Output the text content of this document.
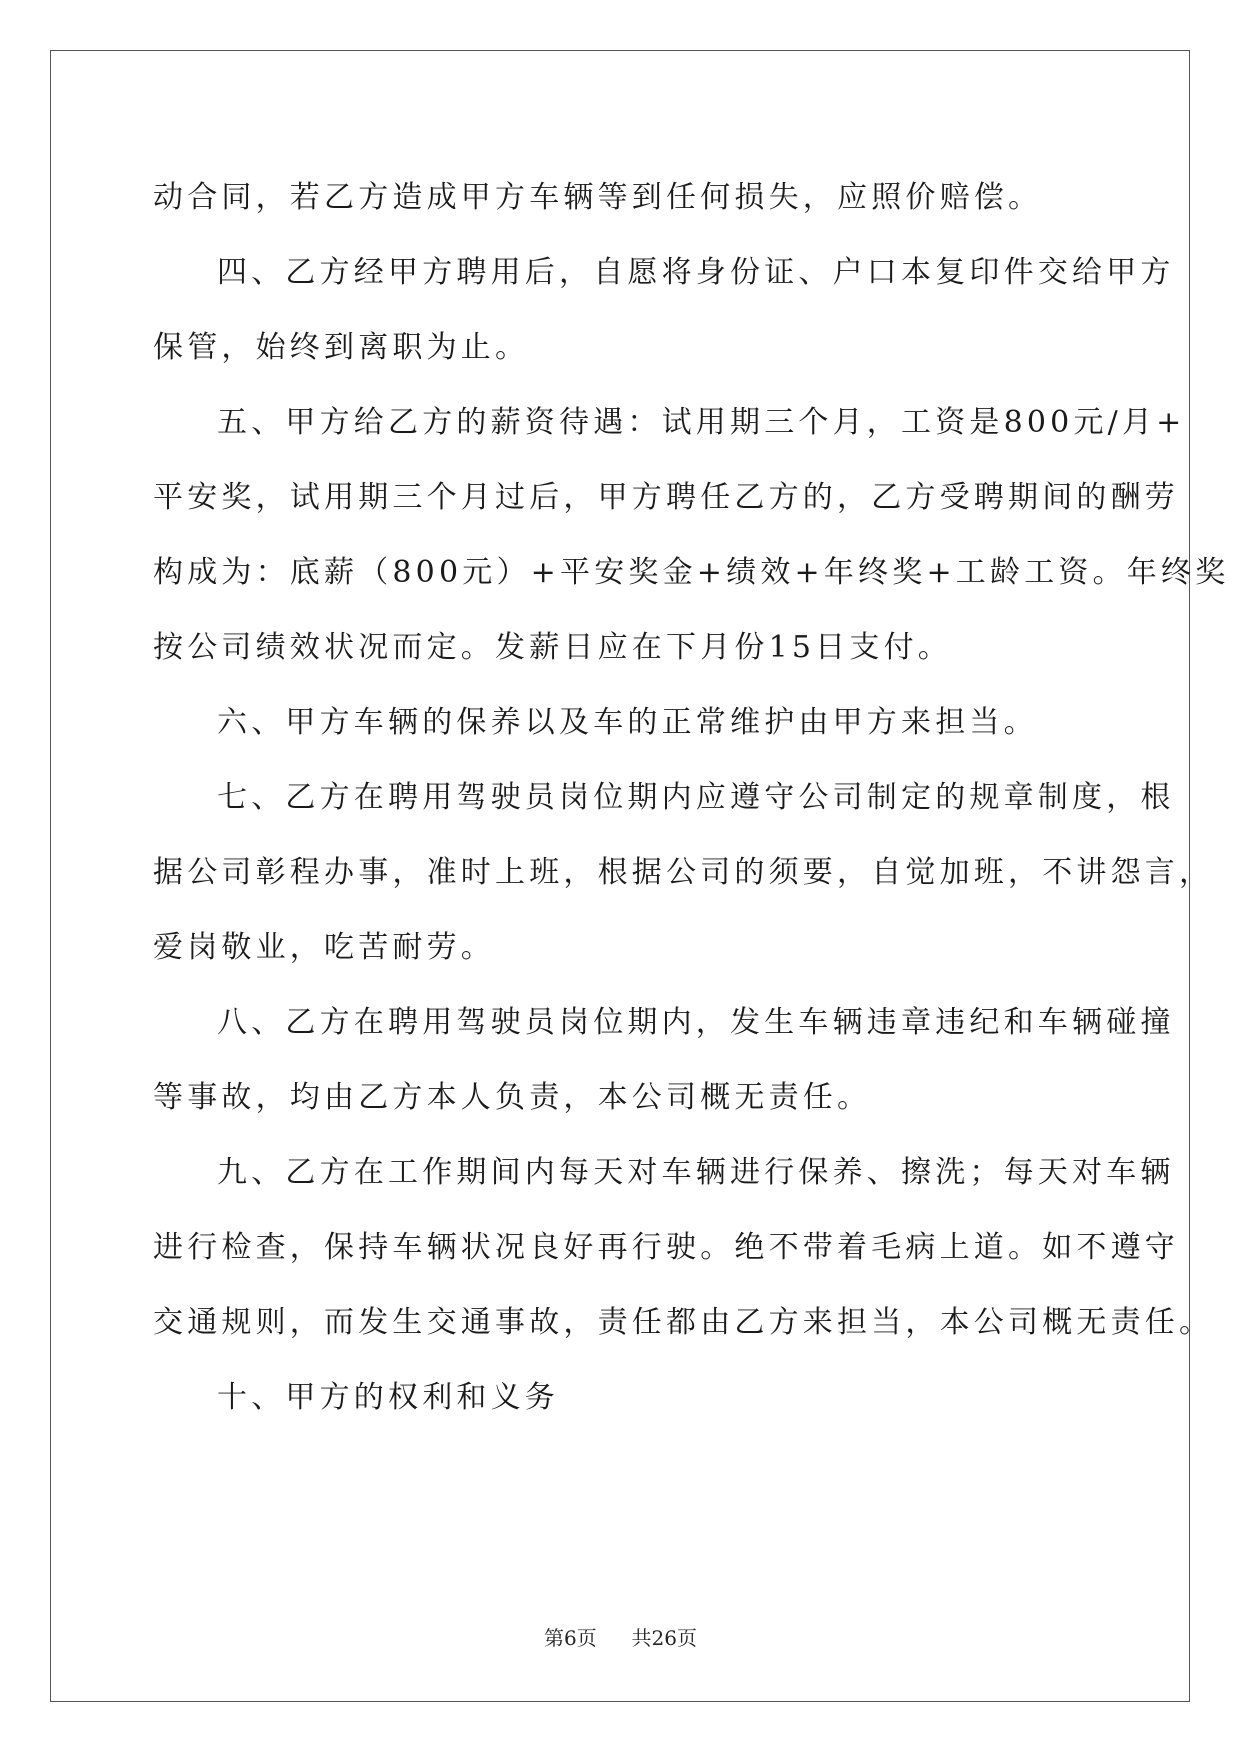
动合同，若乙方造成甲方车辆等到任何损失，应照价赔偿。
四、乙方经甲方聘用后，自愿将身份证、户口本复印件交给甲方
保管，始终到离职为止。
五、甲方给乙方的薪资待遇：试用期三个月，工资是800元/月+
平安奖，试用期三个月过后，甲方聘任乙方的，乙方受聘期间的酬劳
构成为：底薪（800元）+平安奖金+绩效+年终奖+工龄工资。年终奖
按公司绩效状况而定。发薪日应在下月份15日支付。
六、甲方车辆的保养以及车的正常维护由甲方来担当。
七、乙方在聘用驾驶员岗位期内应遵守公司制定的规章制度，根
据公司彰程办事，准时上班，根据公司的须要，自觉加班，不讲怨言，
爱岗敬业，吃苦耐劳。
八、乙方在聘用驾驶员岗位期内，发生车辆违章违纪和车辆碰撞
等事故，均由乙方本人负责，本公司概无责任。
九、乙方在工作期间内每天对车辆进行保养、擦洗；每天对车辆
进行检查，保持车辆状况良好再行驶。绝不带着毛病上道。如不遵守
交通规则，而发生交通事故，责任都由乙方来担当，本公司概无责任。
十、甲方的权利和义务
第6页 共26页
